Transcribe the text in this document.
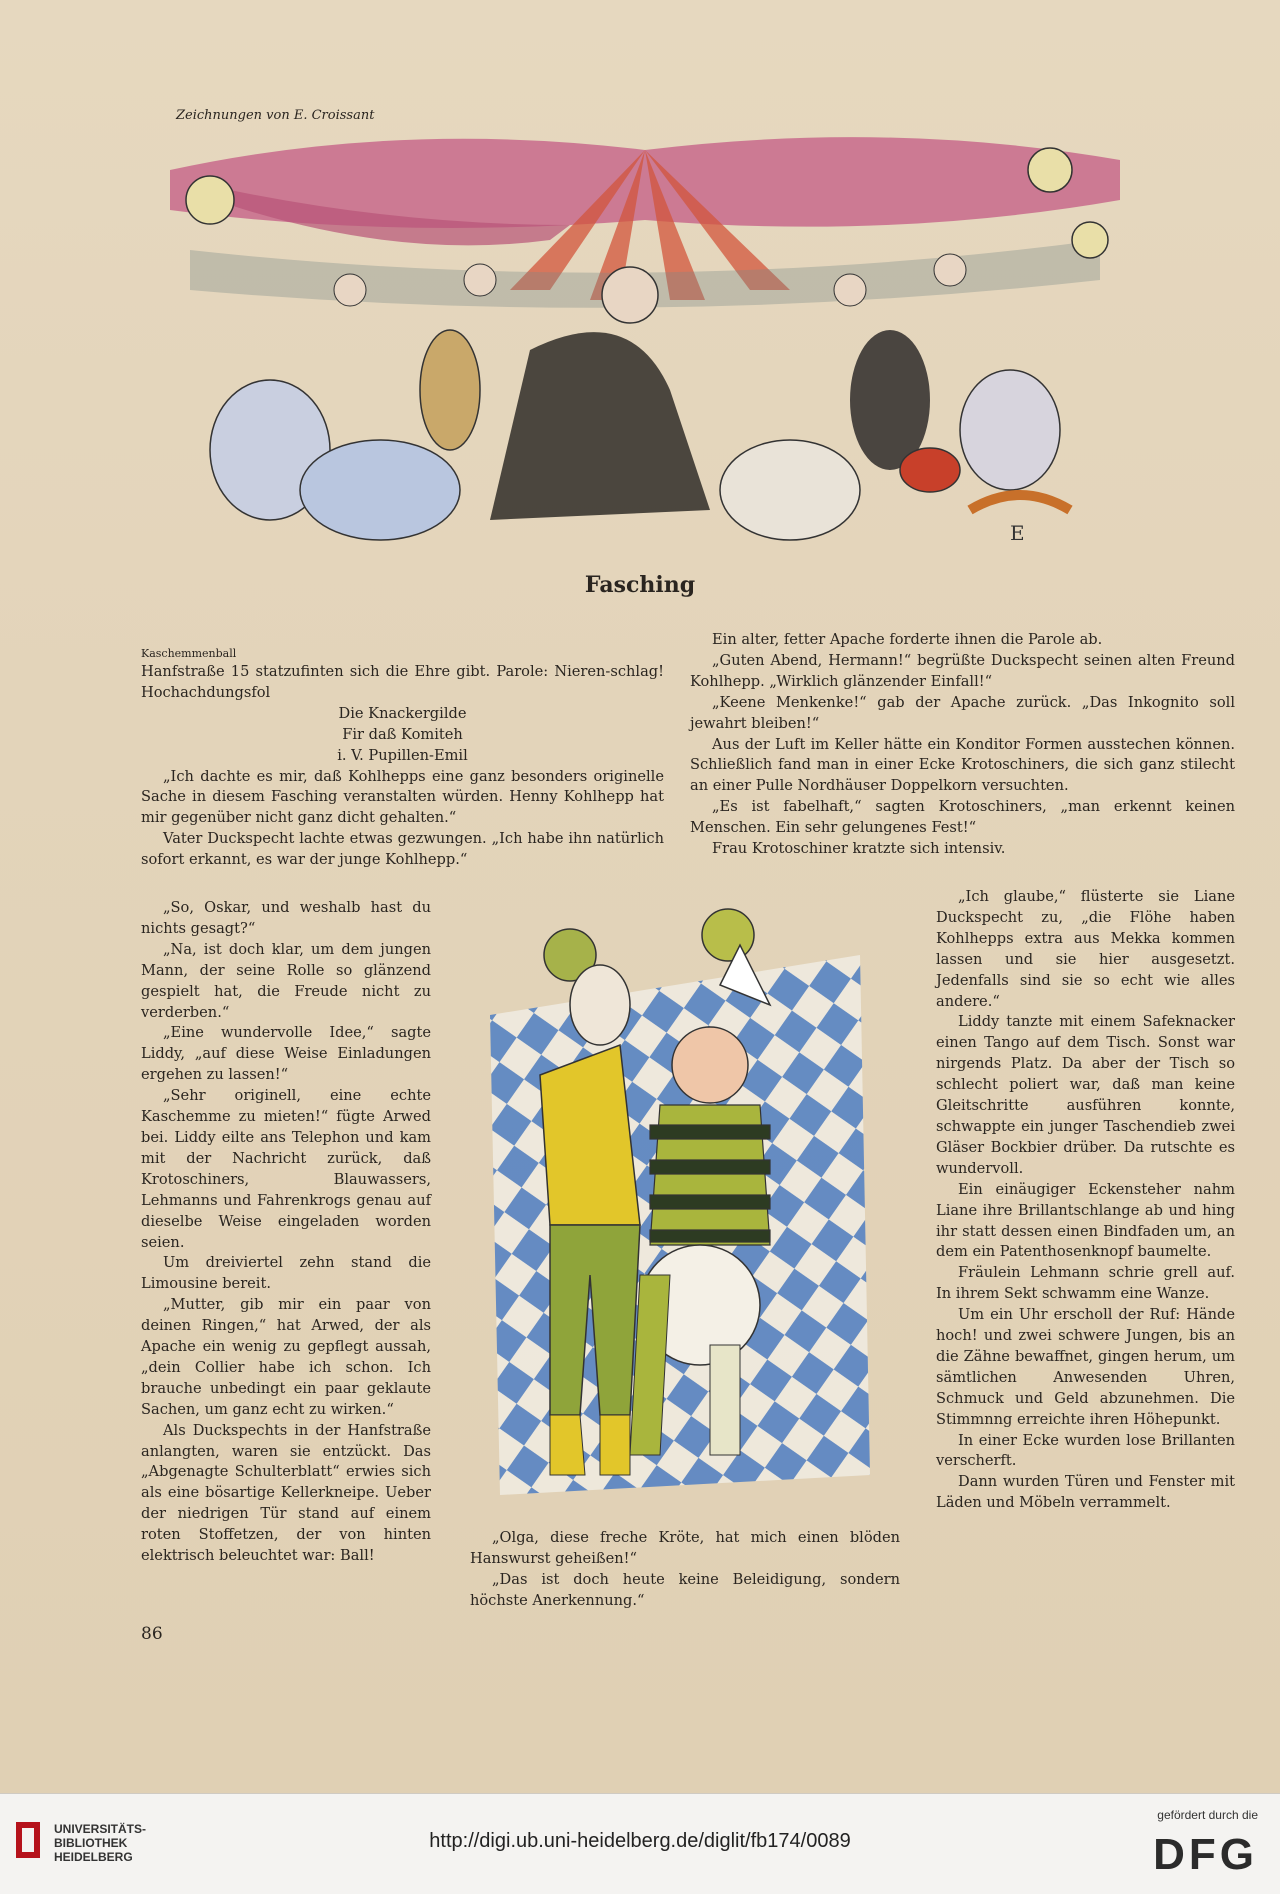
Zeichnungen von E. Croissant
E
Fasching

Kaschemmenball

Hanfstraße 15 statzufinten sich die Ehre gibt. Parole: Nieren-schlag! Hochachdungsfol

Die Knackergilde

Fir daß Komiteh

i. V. Pupillen-Emil

„Ich dachte es mir, daß Kohlhepps eine ganz besonders originelle Sache in diesem Fasching veranstalten würden. Henny Kohlhepp hat mir gegenüber nicht ganz dicht gehalten.“

Vater Duckspecht lachte etwas gezwungen. „Ich habe ihn natürlich sofort erkannt, es war der junge Kohlhepp.“

„So, Oskar, und weshalb hast du nichts gesagt?“

„Na, ist doch klar, um dem jungen Mann, der seine Rolle so glänzend gespielt hat, die Freude nicht zu verderben.“

„Eine wundervolle Idee,“ sagte Liddy, „auf diese Weise Einladungen ergehen zu lassen!“

„Sehr originell, eine echte Kaschemme zu mieten!“ fügte Arwed bei. Liddy eilte ans Telephon und kam mit der Nachricht zurück, daß Krotoschiners, Blauwassers, Lehmanns und Fahrenkrogs genau auf dieselbe Weise eingeladen worden seien.

Um dreiviertel zehn stand die Limousine bereit.

„Mutter, gib mir ein paar von deinen Ringen,“ hat Arwed, der als Apache ein wenig zu gepflegt aussah, „dein Collier habe ich schon. Ich brauche unbedingt ein paar geklaute Sachen, um ganz echt zu wirken.“

Als Duckspechts in der Hanfstraße anlangten, waren sie entzückt. Das „Abgenagte Schulterblatt“ erwies sich als eine bösartige Kellerkneipe. Ueber der niedrigen Tür stand auf einem roten Stoffetzen, der von hinten elektrisch beleuchtet war: Ball!

Ein alter, fetter Apache forderte ihnen die Parole ab.

„Guten Abend, Hermann!“ begrüßte Duckspecht seinen alten Freund Kohlhepp. „Wirklich glänzender Einfall!“

„Keene Menkenke!“ gab der Apache zurück. „Das Inkognito soll jewahrt bleiben!“

Aus der Luft im Keller hätte ein Konditor Formen ausstechen können. Schließlich fand man in einer Ecke Krotoschiners, die sich ganz stilecht an einer Pulle Nordhäuser Doppelkorn versuchten.

„Es ist fabelhaft,“ sagten Krotoschiners, „man erkennt keinen Menschen. Ein sehr gelungenes Fest!“

Frau Krotoschiner kratzte sich intensiv.

„Ich glaube,“ flüsterte sie Liane Duckspecht zu, „die Flöhe haben Kohlhepps extra aus Mekka kommen lassen und sie hier ausgesetzt. Jedenfalls sind sie so echt wie alles andere.“

Liddy tanzte mit einem Safeknacker einen Tango auf dem Tisch. Sonst war nirgends Platz. Da aber der Tisch so schlecht poliert war, daß man keine Gleitschritte ausführen konnte, schwappte ein junger Taschendieb zwei Gläser Bockbier drüber. Da rutschte es wundervoll.

Ein einäugiger Eckensteher nahm Liane ihre Brillantschlange ab und hing ihr statt dessen einen Bindfaden um, an dem ein Patenthosenknopf baumelte.

Fräulein Lehmann schrie grell auf. In ihrem Sekt schwamm eine Wanze.

Um ein Uhr erscholl der Ruf: Hände hoch! und zwei schwere Jungen, bis an die Zähne bewaffnet, gingen herum, um sämtlichen Anwesenden Uhren, Schmuck und Geld abzunehmen. Die Stimmnng erreichte ihren Höhepunkt.

In einer Ecke wurden lose Brillanten verscherft.

Dann wurden Türen und Fenster mit Läden und Möbeln verrammelt.

„Olga, diese freche Kröte, hat mich einen blöden Hanswurst geheißen!“

„Das ist doch heute keine Beleidigung, sondern höchste Anerkennung.“

86
UNIVERSITÄTS-
BIBLIOTHEK
HEIDELBERG
http://digi.ub.uni-heidelberg.de/diglit/fb174/0089
gefördert durch die
DFG
